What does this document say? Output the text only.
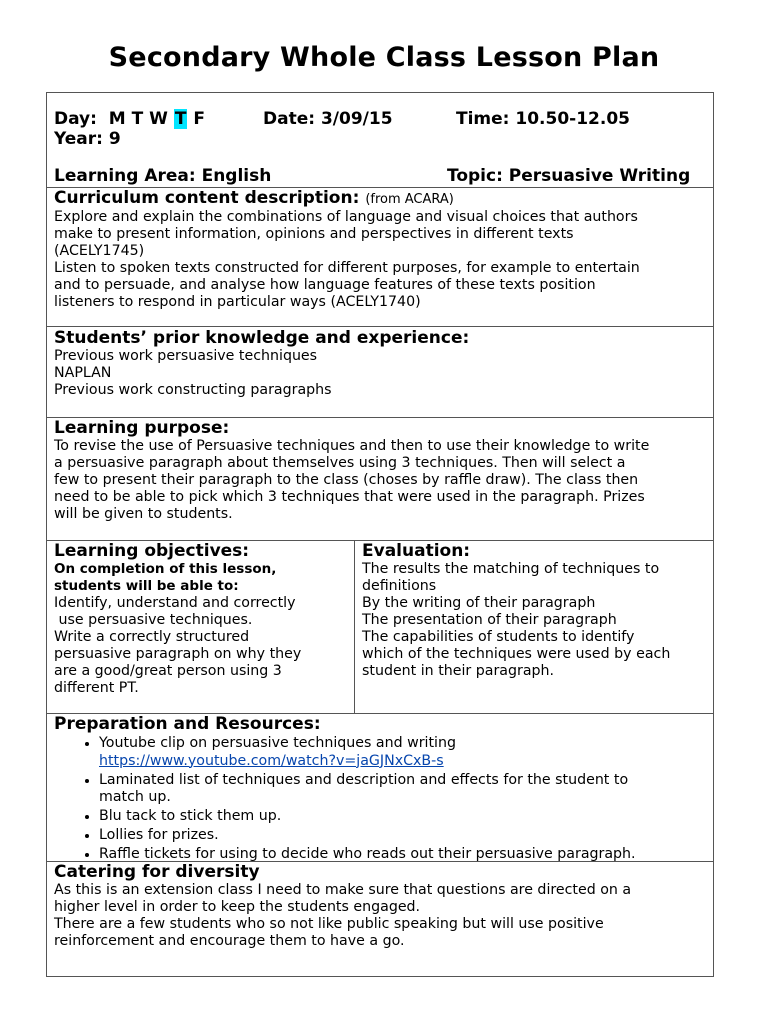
Secondary Whole Class Lesson Plan
Day: M T W T F	Date: 3/09/15	Time: 10.50-12.05
Year: 9
Learning Area: English	Topic: Persuasive Writing
Curriculum content description: (from ACARA)
Explore and explain the combinations of language and visual choices that authors
make to present information, opinions and perspectives in different texts
(ACELY1745)
Listen to spoken texts constructed for different purposes, for example to entertain
and to persuade, and analyse how language features of these texts position
listeners to respond in particular ways (ACELY1740)
Students’ prior knowledge and experience:
Previous work persuasive techniques
NAPLAN
Previous work constructing paragraphs
Learning purpose:
To revise the use of Persuasive techniques and then to use their knowledge to write
a persuasive paragraph about themselves using 3 techniques. Then will select a
few to present their paragraph to the class (choses by raffle draw). The class then
need to be able to pick which 3 techniques that were used in the paragraph. Prizes
will be given to students.
Learning objectives:
On completion of this lesson,
students will be able to:
Identify, understand and correctly
use persuasive techniques.
Write a correctly structured
persuasive paragraph on why they
are a good/great person using 3
different PT.
Evaluation:
The results the matching of techniques to
definitions
By the writing of their paragraph
The presentation of their paragraph
The capabilities of students to identify
which of the techniques were used by each
student in their paragraph.
Preparation and Resources:
• Youtube clip on persuasive techniques and writing
https://www.youtube.com/watch?v=jaGJNxCxB-s
• Laminated list of techniques and description and effects for the student to
match up.
• Blu tack to stick them up.
• Lollies for prizes.
• Raffle tickets for using to decide who reads out their persuasive paragraph.
Catering for diversity
As this is an extension class I need to make sure that questions are directed on a
higher level in order to keep the students engaged.
There are a few students who so not like public speaking but will use positive
reinforcement and encourage them to have a go.
